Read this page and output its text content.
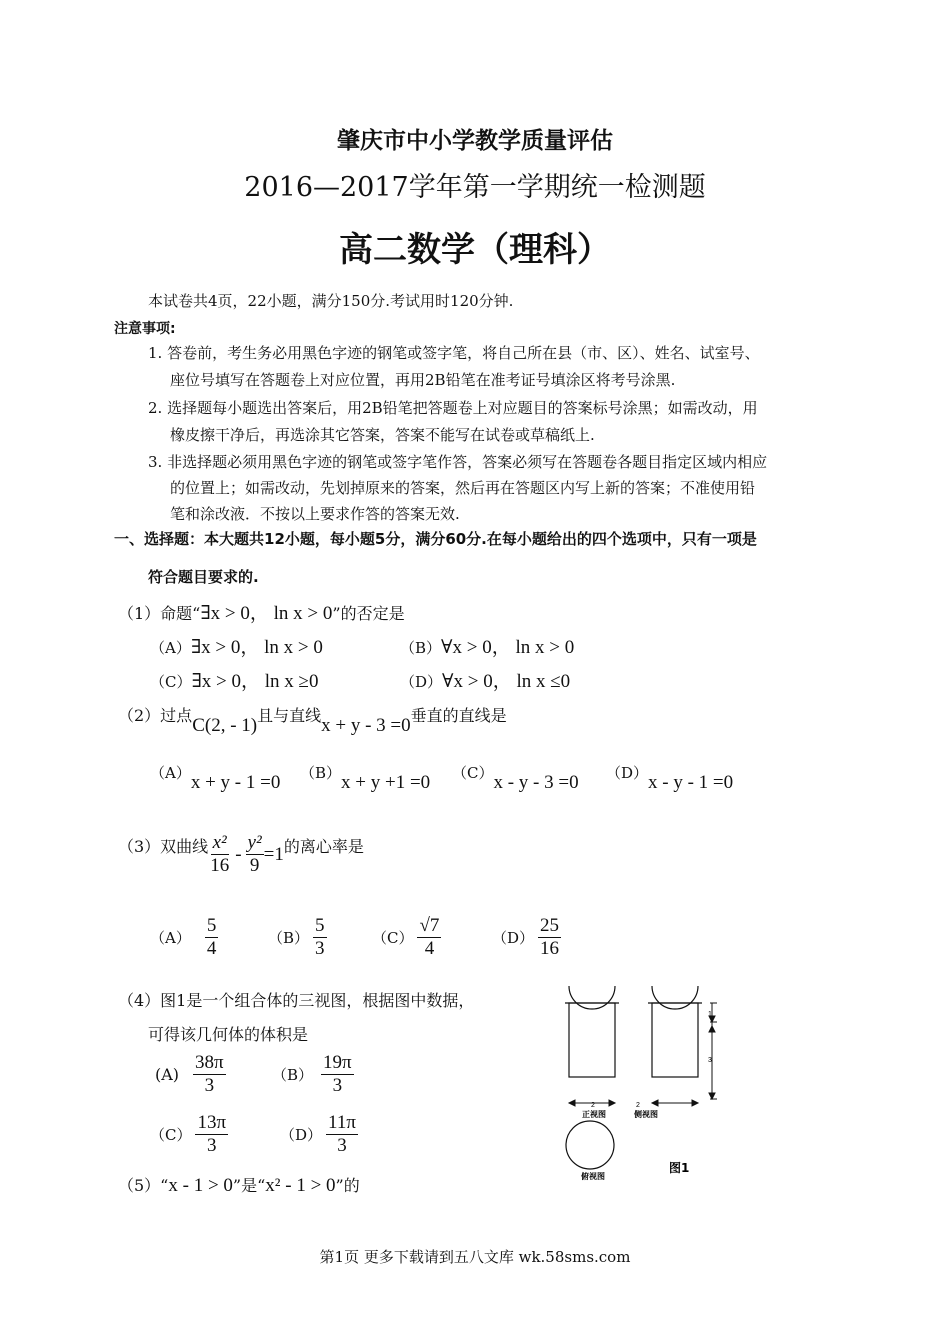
肇庆市中小学教学质量评估
2016—2017学年第一学期统一检测题
高二数学（理科）
本试卷共4页，22小题，满分150分.考试用时120分钟.
注意事项:
1. 答卷前，考生务必用黑色字迹的钢笔或签字笔，将自己所在县（市、区）、姓名、试室号、
座位号填写在答题卷上对应位置，再用2B铅笔在准考证号填涂区将考号涂黑.
2. 选择题每小题选出答案后，用2B铅笔把答题卷上对应题目的答案标号涂黑；如需改动，用
橡皮擦干净后，再选涂其它答案，答案不能写在试卷或草稿纸上.
3. 非选择题必须用黑色字迹的钢笔或签字笔作答，答案必须写在答题卷各题目指定区域内相应
的位置上；如需改动，先划掉原来的答案，然后再在答题区内写上新的答案；不准使用铅
笔和涂改液．不按以上要求作答的答案无效.
一、选择题：本大题共12小题，每小题5分，满分60分.在每小题给出的四个选项中，只有一项是
符合题目要求的.
（1）命题“∃x > 0， ln x > 0”的否定是
（A）∃x > 0， ln x > 0	（B）∀x > 0， ln x > 0
（C）∃x > 0， ln x ≥0	（D）∀x > 0， ln x ≤0
（2）过点C(2, - 1)且与直线x + y - 3 =0垂直的直线是
（A）x + y - 1 =0 （B）x + y +1 =0 （C）x - y - 3 =0 （D）x - y - 1 =0
（3）双曲线 $\frac{\text{x²}}{16} - \frac{\text{y²}}{9} =1$ 的离心率是
$(A) \frac{5}{4}$	$(B) \frac{5}{3}$	$(C) \frac{√7}{4}$	$(D) \frac{25}{16}$
（4）图1是一个组合体的三视图，根据图中数据，
可得该几何体的体积是
$(A) \frac{38\pi}{3}$	$(B) \frac{19\pi}{3}$
$(C) \frac{13\pi}{3}$	$(D) \frac{11\pi}{3}$
1
3
2	2
正视图	侧视图
俯视图
图1
（5）“x - 1 > 0”是“x² - 1 > 0”的
第1页 更多下载请到五八文库 wk.58sms.com
